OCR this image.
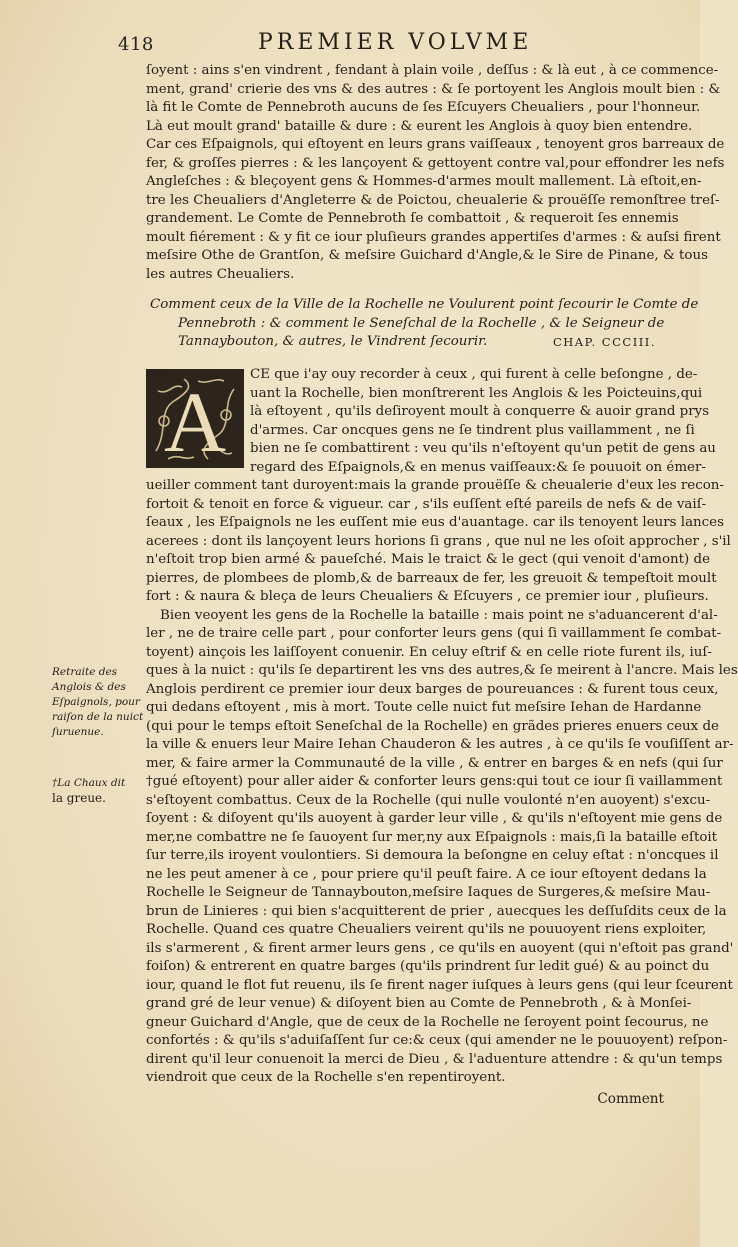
418	PREMIER VOLVME
ſoyent : ains s'en vindrent , fendant à plain voile , deſſus : & là eut , à ce commence-
ment, grand' crierie des vns & des autres : & ſe portoyent les Anglois moult bien : &
là fit le Comte de Pennebroth aucuns de ſes Eſcuyers Cheualiers , pour l'honneur.
Là eut moult grand' bataille & dure : & eurent les Anglois à quoy bien entendre.
Car ces Eſpaignols, qui eſtoyent en leurs grans vaiſſeaux , tenoyent gros barreaux de
fer, & groſſes pierres : & les lançoyent & gettoyent contre val,pour effondrer les nefs
Angleſches : & bleçoyent gens & Hommes-d'armes moult mallement. Là eſtoit,en-
tre les Cheualiers d'Angleterre & de Poictou, cheualerie & prouëſſe remonſtree treſ-
grandement. Le Comte de Pennebroth ſe combattoit , & requeroit ſes ennemis
moult fiérement : & y fit ce iour pluſieurs grandes appertiſes d'armes : & auſsi firent
meſsire Othe de Grantſon, & meſsire Guichard d'Angle,& le Sire de Pinane, & tous
les autres Cheualiers.
Comment ceux de la Ville de la Rochelle ne Voulurent point ſecourir le Comte de
Pennebroth : & comment le Seneſchal de la Rochelle , & le Seigneur de
Tannaybouton, & autres, le Vindrent ſecourir.	CHAP. CCCIII.
A	CE que i'ay ouy recorder à ceux , qui furent à celle beſongne , de-
uant la Rochelle, bien monſtrerent les Anglois & les Poicteuins,qui
là eſtoyent , qu'ils deſiroyent moult à conquerre & auoir grand prys
d'armes. Car oncques gens ne ſe tindrent plus vaillamment , ne ſi
bien ne ſe combattirent : veu qu'ils n'eſtoyent qu'un petit de gens au
regard des Eſpaignols,& en menus vaiſſeaux:& ſe pouuoit on émer-
ueiller comment tant duroyent:mais la grande prouëſſe & cheualerie d'eux les recon-
fortoit & tenoit en force & vigueur. car , s'ils euſſent eſté pareils de nefs & de vaiſ-
ſeaux , les Eſpaignols ne les euſſent mie eus d'auantage. car ils tenoyent leurs lances
acerees : dont ils lançoyent leurs horions ſi grans , que nul ne les oſoit approcher , s'il
n'eſtoit trop bien armé & paueſché. Mais le traict & le gect (qui venoit d'amont) de
pierres, de plombees de plomb,& de barreaux de fer, les greuoit & tempeſtoit moult
fort : & naura & bleça de leurs Cheualiers & Eſcuyers , ce premier iour , pluſieurs.
Bien veoyent les gens de la Rochelle la bataille : mais point ne s'aduancerent d'al-
ler , ne de traire celle part , pour conforter leurs gens (qui ſi vaillamment ſe combat-
toyent) ainçois les laiſſoyent conuenir. En celuy eſtrif & en celle riote furent ils, iuſ-
ques à la nuict : qu'ils ſe departirent les vns des autres,& ſe meirent à l'ancre. Mais les
Anglois perdirent ce premier iour deux barges de poureuances : & furent tous ceux,
qui dedans eſtoyent , mis à mort. Toute celle nuict fut meſsire Iehan de Hardanne
(qui pour le temps eſtoit Seneſchal de la Rochelle) en grãdes prieres enuers ceux de
la ville & enuers leur Maire Iehan Chauderon & les autres , à ce qu'ils ſe vouſiſſent ar-
mer, & faire armer la Communauté de la ville , & entrer en barges & en nefs (qui ſur
†gué eſtoyent) pour aller aider & conforter leurs gens:qui tout ce iour ſi vaillamment
s'eſtoyent combattus. Ceux de la Rochelle (qui nulle voulonté n'en auoyent) s'excu-
ſoyent : & diſoyent qu'ils auoyent à garder leur ville , & qu'ils n'eſtoyent mie gens de
mer,ne combattre ne ſe ſauoyent ſur mer,ny aux Eſpaignols : mais,ſi la bataille eſtoit
ſur terre,ils iroyent voulontiers. Si demoura la beſongne en celuy eſtat : n'oncques il
ne les peut amener à ce , pour priere qu'il peuſt faire. A ce iour eſtoyent dedans la
Rochelle le Seigneur de Tannaybouton,meſsire Iaques de Surgeres,& meſsire Mau-
brun de Linieres : qui bien s'acquitterent de prier , auecques les deſſuſdits ceux de la
Rochelle. Quand ces quatre Cheualiers veirent qu'ils ne pouuoyent riens exploiter,
ils s'armerent , & firent armer leurs gens , ce qu'ils en auoyent (qui n'eſtoit pas grand'
foiſon) & entrerent en quatre barges (qu'ils prindrent ſur ledit gué) & au poinct du
iour, quand le flot fut reuenu, ils ſe firent nager iuſques à leurs gens (qui leur ſceurent
grand gré de leur venue) & diſoyent bien au Comte de Pennebroth , & à Monſei-
gneur Guichard d'Angle, que de ceux de la Rochelle ne ſeroyent point ſecourus, ne
confortés : & qu'ils s'aduiſaſſent ſur ce:& ceux (qui amender ne le pouuoyent) reſpon-
dirent qu'il leur conuenoit la merci de Dieu , & l'aduenture attendre : & qu'un temps
viendroit que ceux de la Rochelle s'en repentiroyent.
Retraite des
Anglois & des
Eſpaignols, pour
raiſon de la nuict
ſuruenue.
†La Chaux dit
la greue.
Comment
